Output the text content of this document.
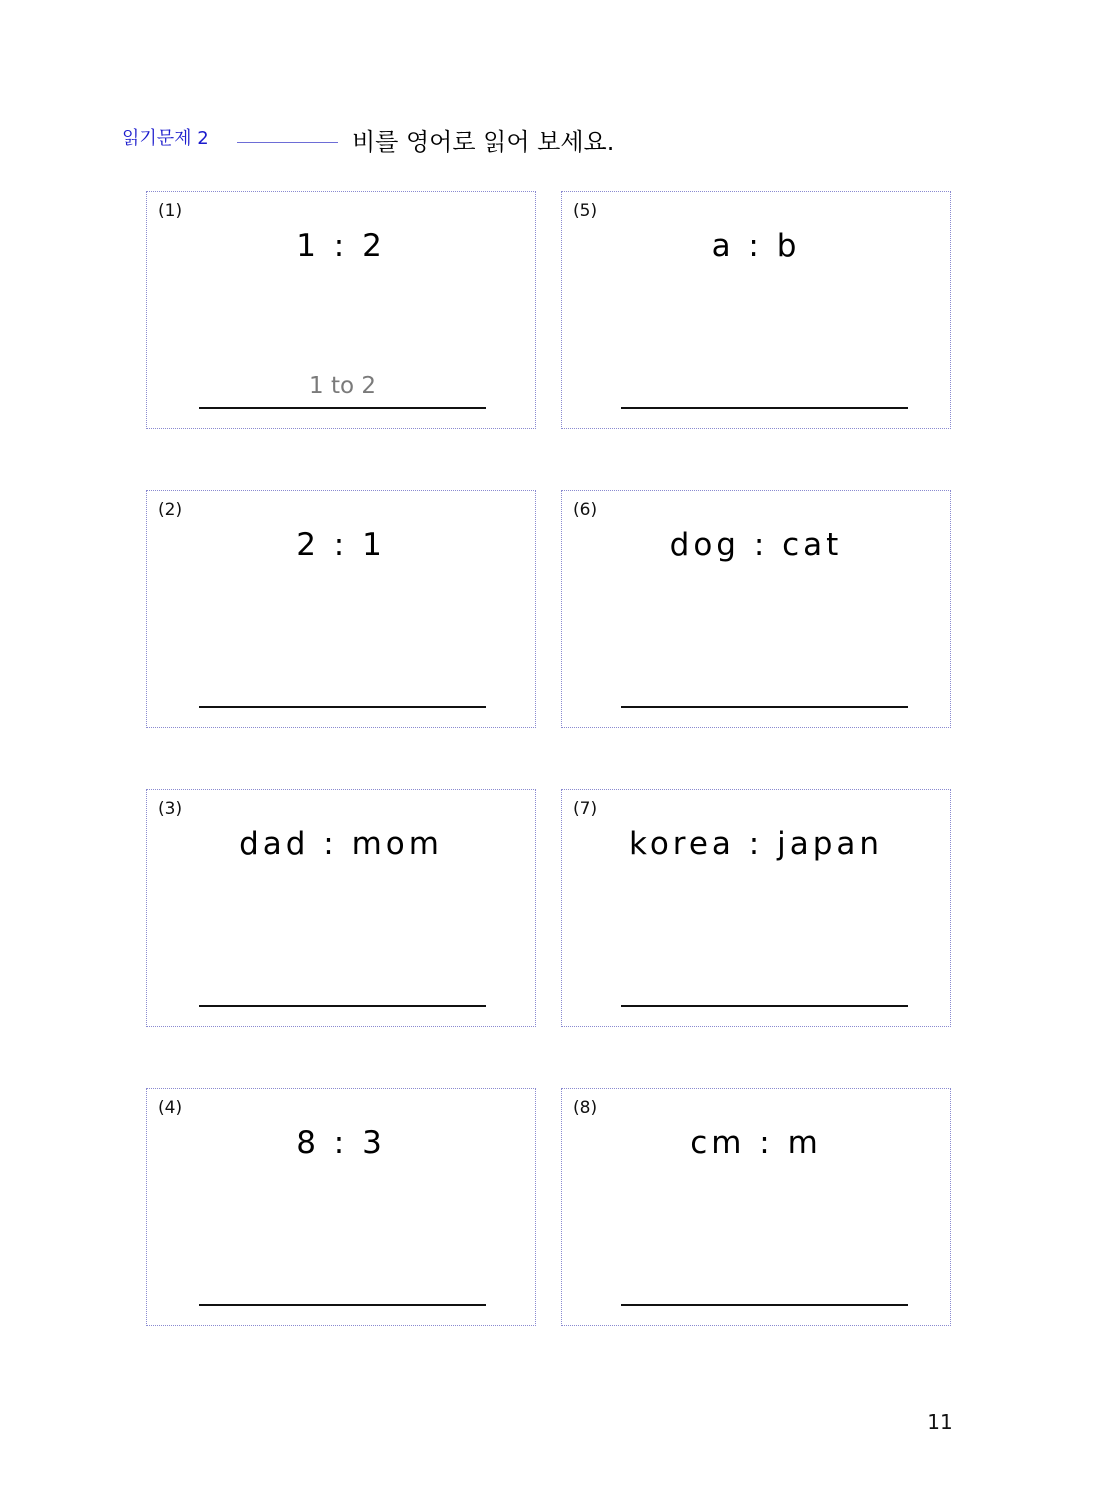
읽기문제 2	비를 영어로 읽어 보세요.
(1)
1 : 2
1 to 2
(2)
2 : 1
(3)
dad : mom
(4)
8 : 3
(5)
a : b
(6)
dog : cat
(7)
korea : japan
(8)
cm : m
11
